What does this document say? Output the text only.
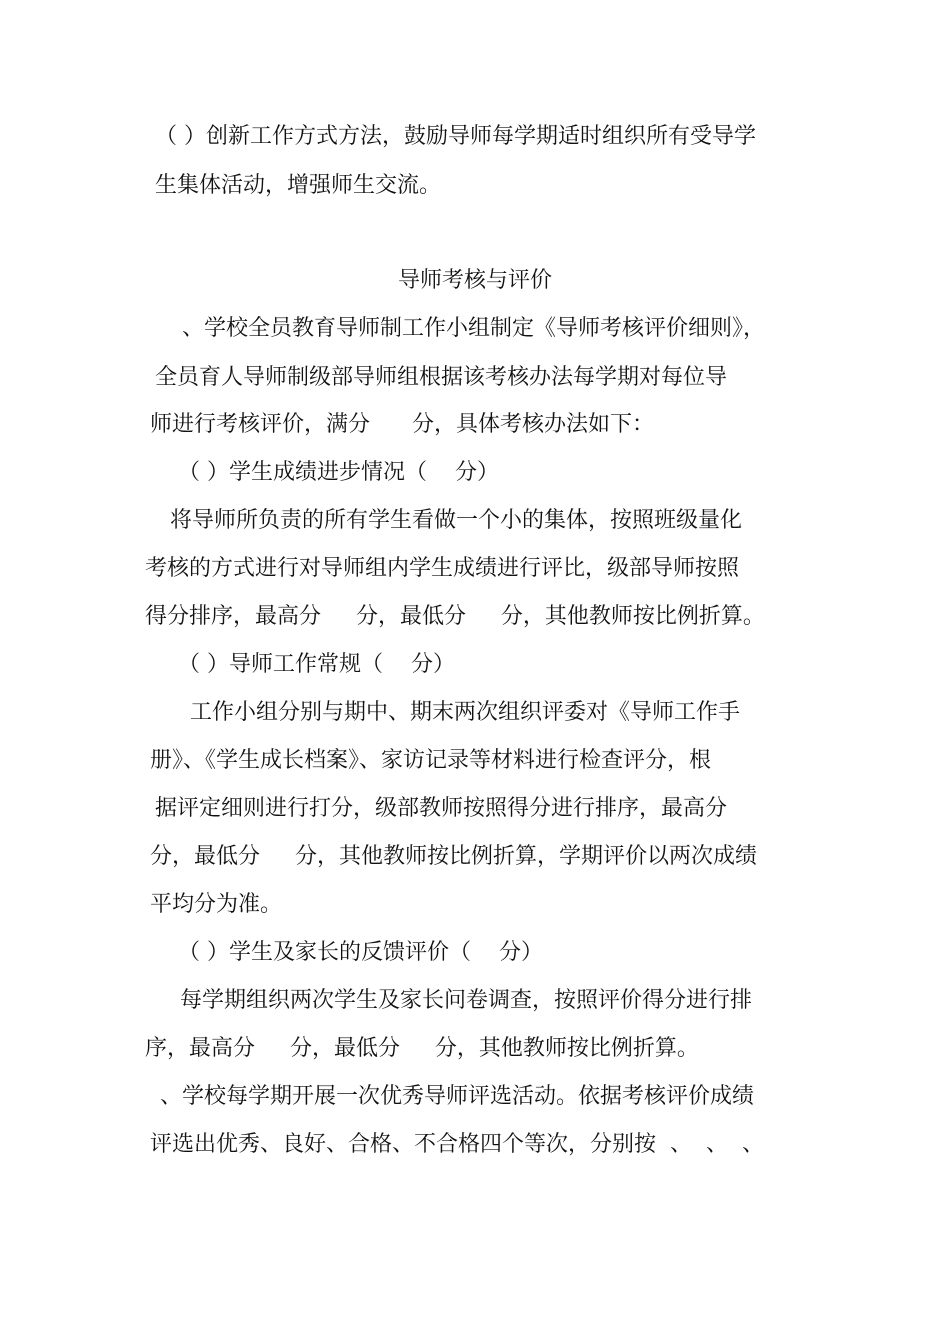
（ ）创新工作方式方法，鼓励导师每学期适时组织所有受导学
生集体活动，增强师生交流。
导师考核与评价
、学校全员教育导师制工作小组制定《导师考核评价细则》，
全员育人导师制级部导师组根据该考核办法每学期对每位导
师进行考核评价，满分      分，具体考核办法如下：
（ ）学生成绩进步情况（    分）
将导师所负责的所有学生看做一个小的集体，按照班级量化
考核的方式进行对导师组内学生成绩进行评比，级部导师按照
得分排序，最高分     分，最低分     分，其他教师按比例折算。
（ ）导师工作常规（    分）
工作小组分别与期中、期末两次组织评委对《导师工作手
册》、《学生成长档案》、家访记录等材料进行检查评分，根
据评定细则进行打分，级部教师按照得分进行排序，最高分
分，最低分     分，其他教师按比例折算，学期评价以两次成绩
平均分为准。
（ ）学生及家长的反馈评价（    分）
每学期组织两次学生及家长问卷调查，按照评价得分进行排
序，最高分     分，最低分     分，其他教师按比例折算。
、学校每学期开展一次优秀导师评选活动。依据考核评价成绩
评选出优秀、良好、合格、不合格四个等次，分别按  、  、  、
